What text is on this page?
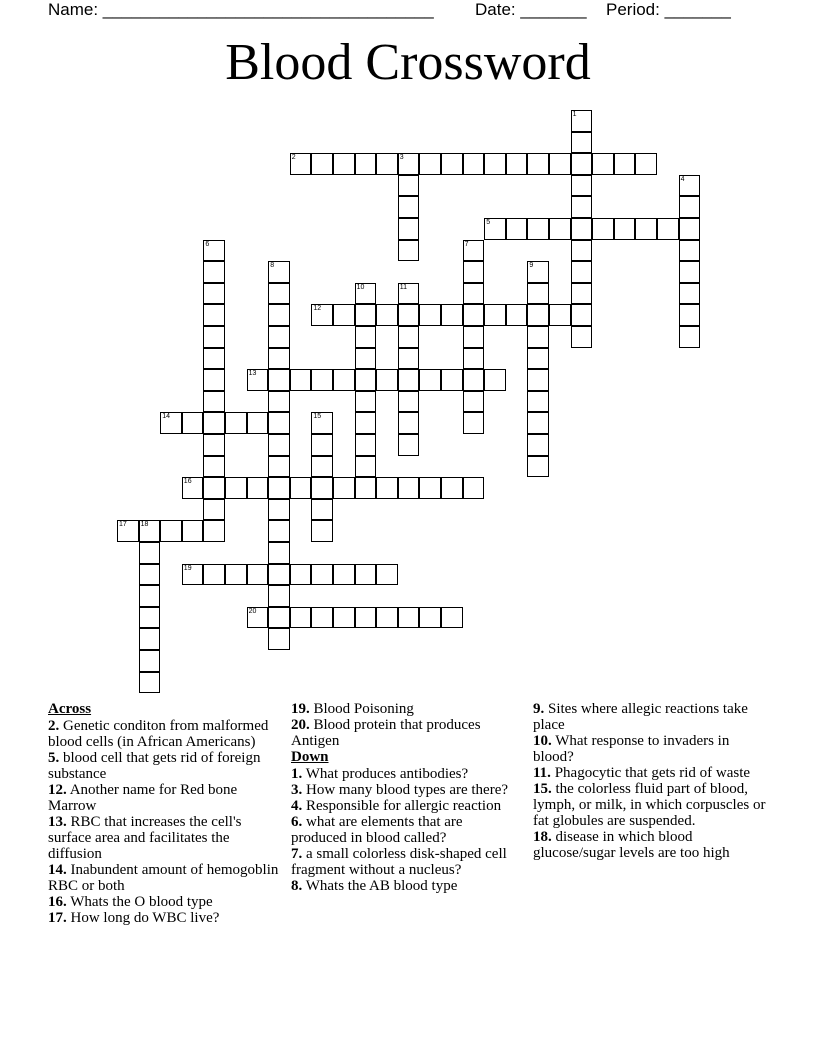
Name: ___________________________________ Date: _______ Period: _______
Blood Crossword
1
2	3
4
5
6	7
8	9
10	11
12
13
14	15
16
17 18
19
20
Across
2. Genetic conditon from malformed blood cells (in African Americans)
5. blood cell that gets rid of foreign substance
12. Another name for Red bone Marrow
13. RBC that increases the cell's surface area and facilitates the diffusion
14. Inabundent amount of hemogoblin RBC or both
16. Whats the O blood type
17. How long do WBC live?
19. Blood Poisoning
20. Blood protein that produces Antigen
Down
1. What produces antibodies?
3. How many blood types are there?
4. Responsible for allergic reaction
6. what are elements that are produced in blood called?
7. a small colorless disk-shaped cell fragment without a nucleus?
8. Whats the AB blood type
9. Sites where allegic reactions take place
10. What response to invaders in blood?
11. Phagocytic that gets rid of waste
15. the colorless fluid part of blood, lymph, or milk, in which corpuscles or fat globules are suspended.
18. disease in which blood glucose/sugar levels are too high
